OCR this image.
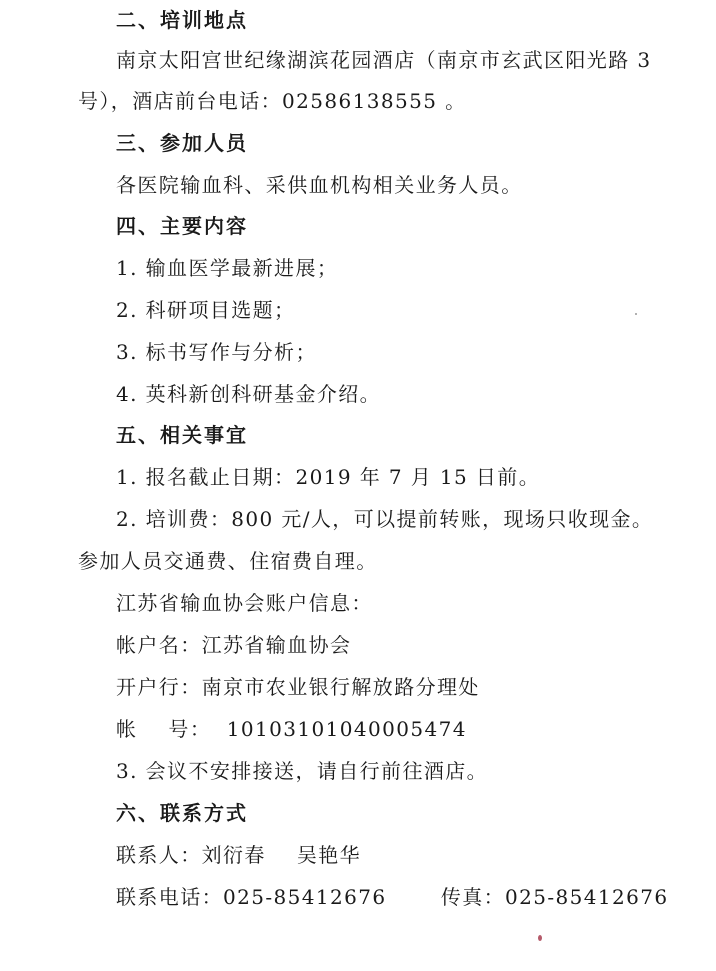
二、培训地点

南京太阳宫世纪缘湖滨花园酒店（南京市玄武区阳光路 3

号），酒店前台电话：02586138555 。

三、参加人员

各医院输血科、采供血机构相关业务人员。

四、主要内容

1. 输血医学最新进展；

2. 科研项目选题；

3. 标书写作与分析；

4. 英科新创科研基金介绍。

五、相关事宜

1. 报名截止日期：2019 年 7 月 15 日前。

2. 培训费：800 元/人，可以提前转账，现场只收现金。

参加人员交通费、住宿费自理。

江苏省输血协会账户信息：

帐户名：江苏省输血协会

开户行：南京市农业银行解放路分理处

帐    号：  10103101040005474

3. 会议不安排接送，请自行前往酒店。

六、联系方式

联系人：刘衍春    吴艳华

联系电话：025-85412676       传真：025-85412676
